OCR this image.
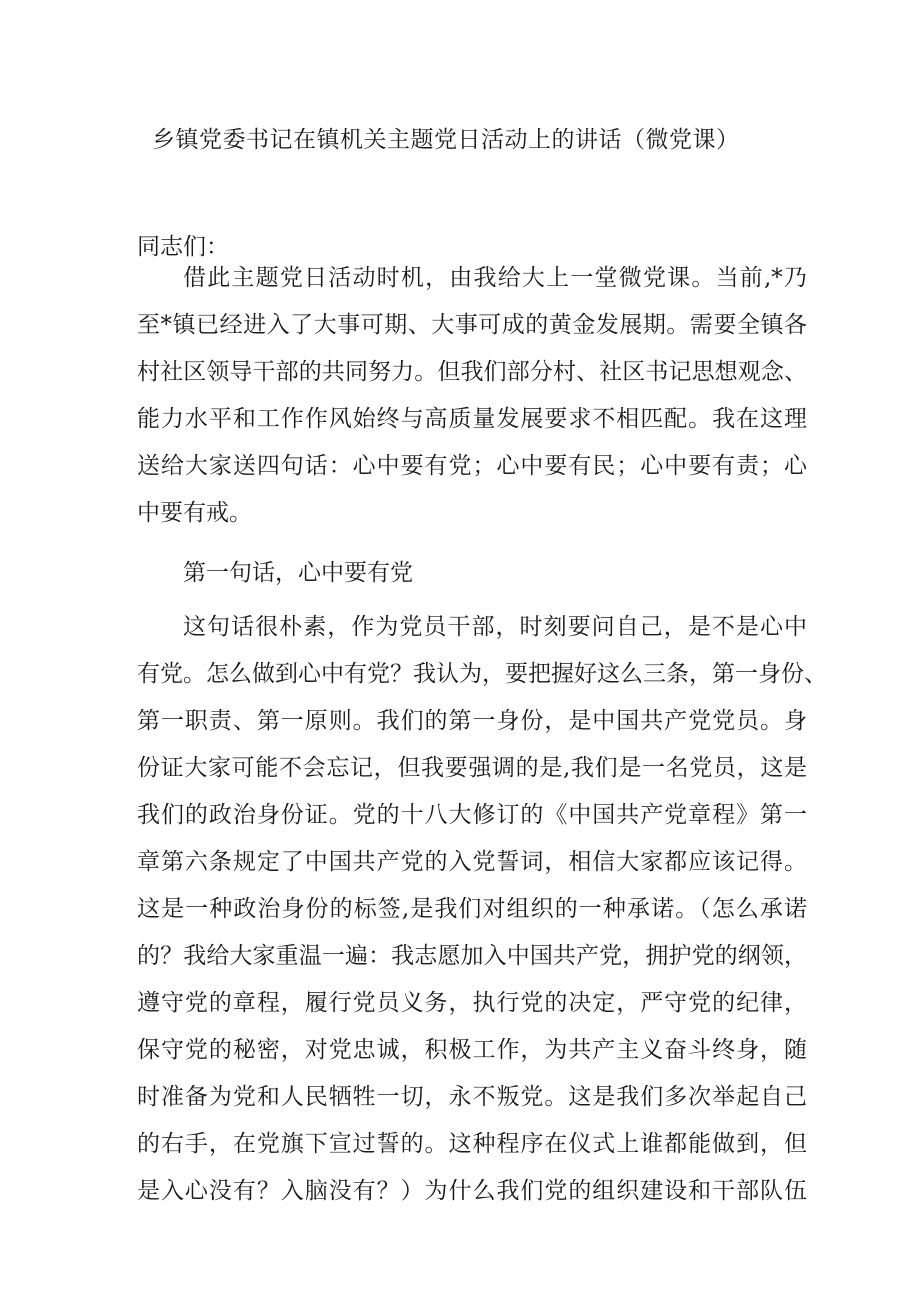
乡镇党委书记在镇机关主题党日活动上的讲话（微党课）
同志们：
借此主题党日活动时机，由我给大上一堂微党课。当前,*乃
至*镇已经进入了大事可期、大事可成的黄金发展期。需要全镇各
村社区领导干部的共同努力。但我们部分村、社区书记思想观念、
能力水平和工作作风始终与高质量发展要求不相匹配。我在这理
送给大家送四句话：心中要有党；心中要有民；心中要有责；心
中要有戒。
第一句话，心中要有党
这句话很朴素，作为党员干部，时刻要问自己，是不是心中
有党。怎么做到心中有党？我认为，要把握好这么三条，第一身份、
第一职责、第一原则。我们的第一身份，是中国共产党党员。身
份证大家可能不会忘记，但我要强调的是,我们是一名党员，这是
我们的政治身份证。党的十八大修订的《中国共产党章程》第一
章第六条规定了中国共产党的入党誓词，相信大家都应该记得。
这是一种政治身份的标签,是我们对组织的一种承诺。（怎么承诺
的？我给大家重温一遍：我志愿加入中国共产党，拥护党的纲领，
遵守党的章程，履行党员义务，执行党的决定，严守党的纪律，
保守党的秘密，对党忠诚，积极工作，为共产主义奋斗终身，随
时准备为党和人民牺牲一切，永不叛党。这是我们多次举起自己
的右手，在党旗下宣过誓的。这种程序在仪式上谁都能做到，但
是入心没有？入脑没有？）为什么我们党的组织建设和干部队伍
